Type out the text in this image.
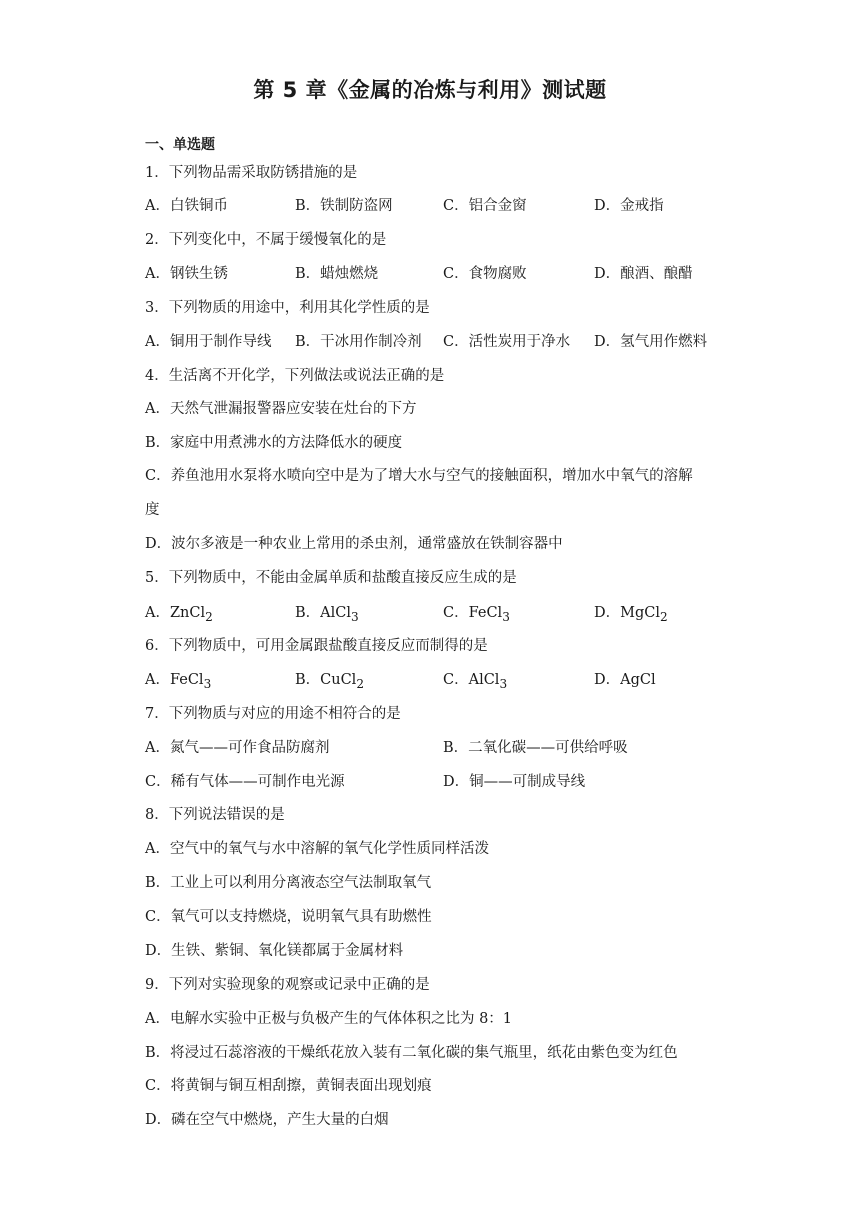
第 5 章《金属的冶炼与利用》测试题
一、单选题
1．下列物品需采取防锈措施的是
A．白铁铜币	B．铁制防盗网	C．铝合金窗	D．金戒指
2．下列变化中，不属于缓慢氧化的是
A．钢铁生锈	B．蜡烛燃烧	C．食物腐败	D．酿酒、酿醋
3．下列物质的用途中，利用其化学性质的是
A．铜用于制作导线 B．干冰用作制冷剂 C．活性炭用于净水 D．氢气用作燃料
4．生活离不开化学，下列做法或说法正确的是
A．天然气泄漏报警器应安装在灶台的下方
B．家庭中用煮沸水的方法降低水的硬度
C．养鱼池用水泵将水喷向空中是为了增大水与空气的接触面积，增加水中氧气的溶解
度
D．波尔多液是一种农业上常用的杀虫剂，通常盛放在铁制容器中
5．下列物质中，不能由金属单质和盐酸直接反应生成的是
A．ZnCl$_2$	B．AlCl$_3$	C．FeCl$_3$	D．MgCl$_2$
6．下列物质中，可用金属跟盐酸直接反应而制得的是
A．FeCl$_3$	B．CuCl$_2$	C．AlCl$_3$	D．AgCl
7．下列物质与对应的用途不相符合的是
A．氮气——可作食品防腐剂	B．二氧化碳——可供给呼吸
C．稀有气体——可制作电光源	D．铜——可制成导线
8．下列说法错误的是
A．空气中的氧气与水中溶解的氧气化学性质同样活泼
B．工业上可以利用分离液态空气法制取氧气
C．氧气可以支持燃烧，说明氧气具有助燃性
D．生铁、紫铜、氧化镁都属于金属材料
9．下列对实验现象的观察或记录中正确的是
A．电解水实验中正极与负极产生的气体体积之比为 8：1
B．将浸过石蕊溶液的干燥纸花放入装有二氧化碳的集气瓶里，纸花由紫色变为红色
C．将黄铜与铜互相刮擦，黄铜表面出现划痕
D．磷在空气中燃烧，产生大量的白烟
